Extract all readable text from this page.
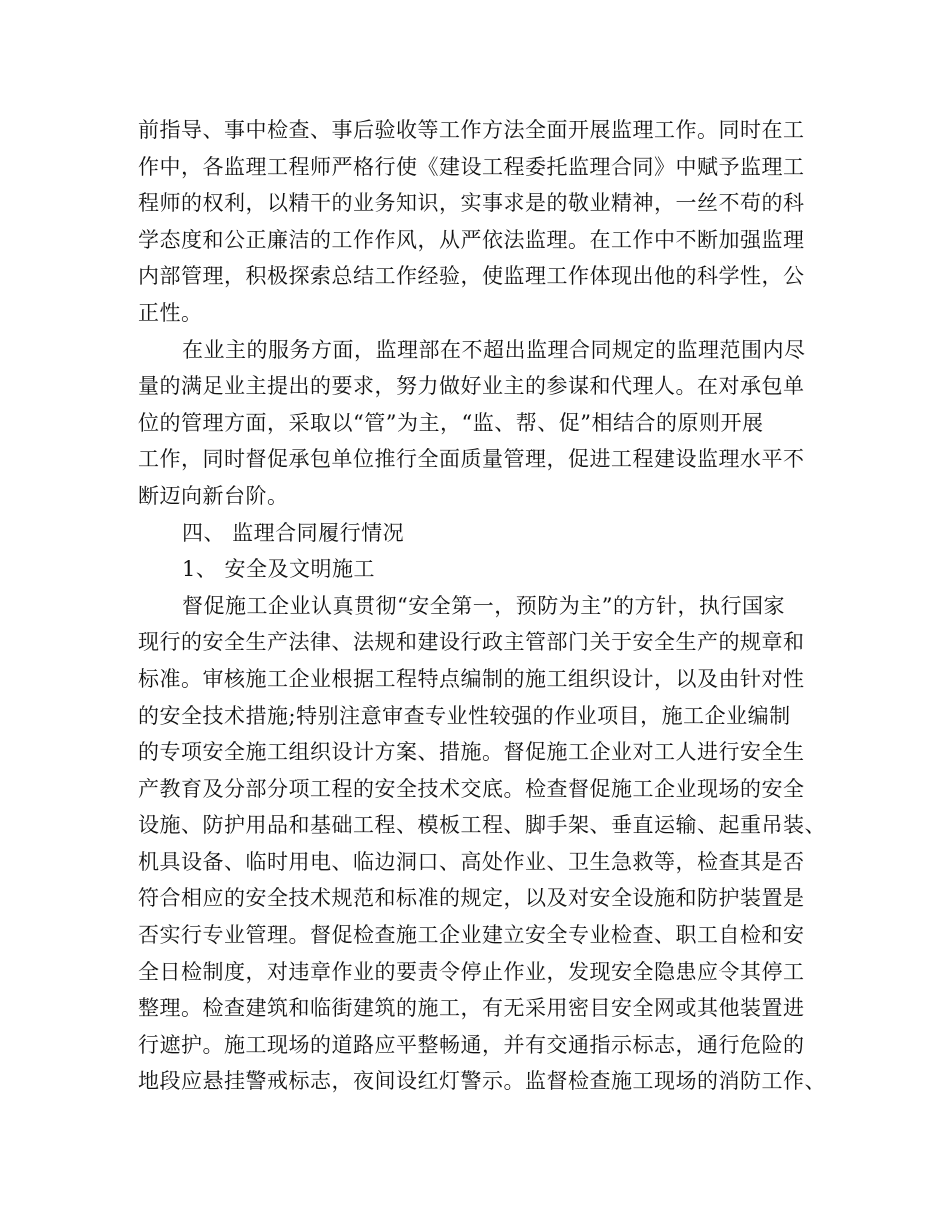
前指导、事中检查、事后验收等工作方法全面开展监理工作。同时在工
作中，各监理工程师严格行使《建设工程委托监理合同》中赋予监理工
程师的权利，以精干的业务知识，实事求是的敬业精神，一丝不苟的科
学态度和公正廉洁的工作作风，从严依法监理。在工作中不断加强监理
内部管理，积极探索总结工作经验，使监理工作体现出他的科学性，公
正性。
在业主的服务方面，监理部在不超出监理合同规定的监理范围内尽
量的满足业主提出的要求，努力做好业主的参谋和代理人。在对承包单
位的管理方面，采取以“管”为主，“监、帮、促”相结合的原则开展
工作，同时督促承包单位推行全面质量管理，促进工程建设监理水平不
断迈向新台阶。
四、 监理合同履行情况
1、 安全及文明施工
督促施工企业认真贯彻“安全第一，预防为主”的方针，执行国家
现行的安全生产法律、法规和建设行政主管部门关于安全生产的规章和
标准。审核施工企业根据工程特点编制的施工组织设计，以及由针对性
的安全技术措施;特别注意审查专业性较强的作业项目，施工企业编制
的专项安全施工组织设计方案、措施。督促施工企业对工人进行安全生
产教育及分部分项工程的安全技术交底。检查督促施工企业现场的安全
设施、防护用品和基础工程、模板工程、脚手架、垂直运输、起重吊装、
机具设备、临时用电、临边洞口、高处作业、卫生急救等，检查其是否
符合相应的安全技术规范和标准的规定，以及对安全设施和防护装置是
否实行专业管理。督促检查施工企业建立安全专业检查、职工自检和安
全日检制度，对违章作业的要责令停止作业，发现安全隐患应令其停工
整理。检查建筑和临街建筑的施工，有无采用密目安全网或其他装置进
行遮护。施工现场的道路应平整畅通，并有交通指示标志，通行危险的
地段应悬挂警戒标志，夜间设红灯警示。监督检查施工现场的消防工作、
